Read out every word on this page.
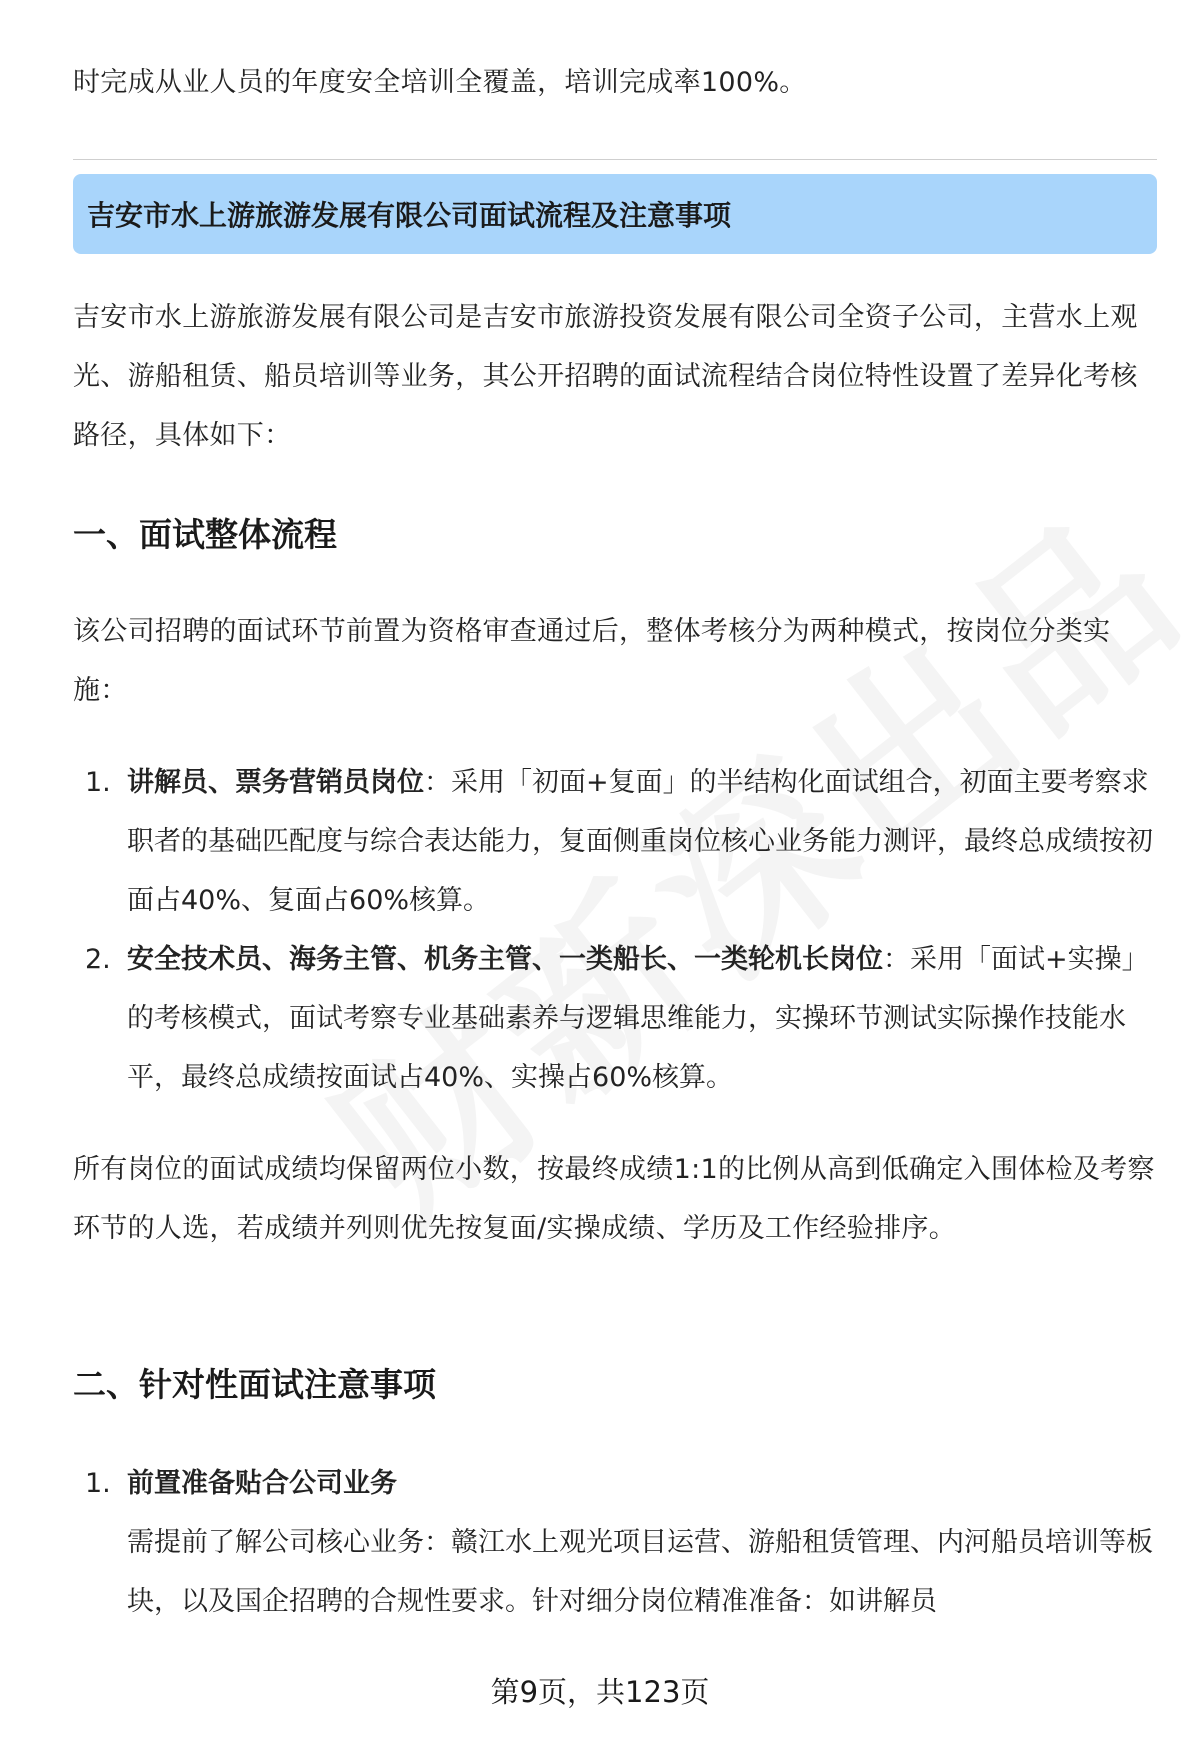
时完成从业人员的年度安全培训全覆盖，培训完成率100%。

吉安市水上游旅游发展有限公司面试流程及注意事项

吉安市水上游旅游发展有限公司是吉安市旅游投资发展有限公司全资子公司，主营水上观光、游船租赁、船员培训等业务，其公开招聘的面试流程结合岗位特性设置了差异化考核路径，具体如下：

一、面试整体流程

该公司招聘的面试环节前置为资格审查通过后，整体考核分为两种模式，按岗位分类实施：

1. 讲解员、票务营销员岗位：采用「初面+复面」的半结构化面试组合，初面主要考察求职者的基础匹配度与综合表达能力，复面侧重岗位核心业务能力测评，最终总成绩按初面占40%、复面占60%核算。
2. 安全技术员、海务主管、机务主管、一类船长、一类轮机长岗位：采用「面试+实操」的考核模式，面试考察专业基础素养与逻辑思维能力，实操环节测试实际操作技能水平，最终总成绩按面试占40%、实操占60%核算。

所有岗位的面试成绩均保留两位小数，按最终成绩1:1的比例从高到低确定入围体检及考察环节的人选，若成绩并列则优先按复面/实操成绩、学历及工作经验排序。

二、针对性面试注意事项
1. 前置准备贴合公司业务
需提前了解公司核心业务：赣江水上观光项目运营、游船租赁管理、内河船员培训等板块，以及国企招聘的合规性要求。针对细分岗位精准准备：如讲解员
第9页，共123页
